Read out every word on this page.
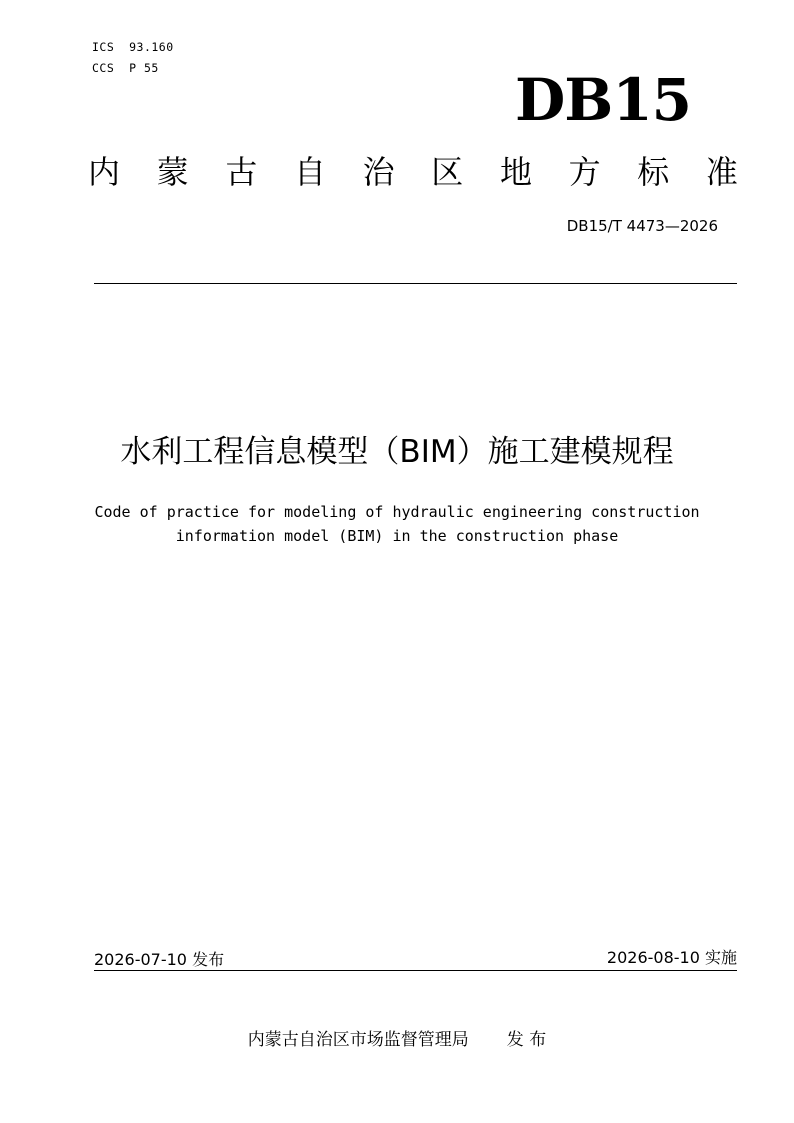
ICS  93.160
CCS  P 55	DB15
内 蒙 古 自 治 区 地 方 标 准
DB15/T 4473—2026
水利工程信息模型（BIM）施工建模规程
Code of practice for modeling of hydraulic engineering construction
information model (BIM) in the construction phase
2026-07-10 发布	2026-08-10 实施
内蒙古自治区市场监督管理局 发 布
